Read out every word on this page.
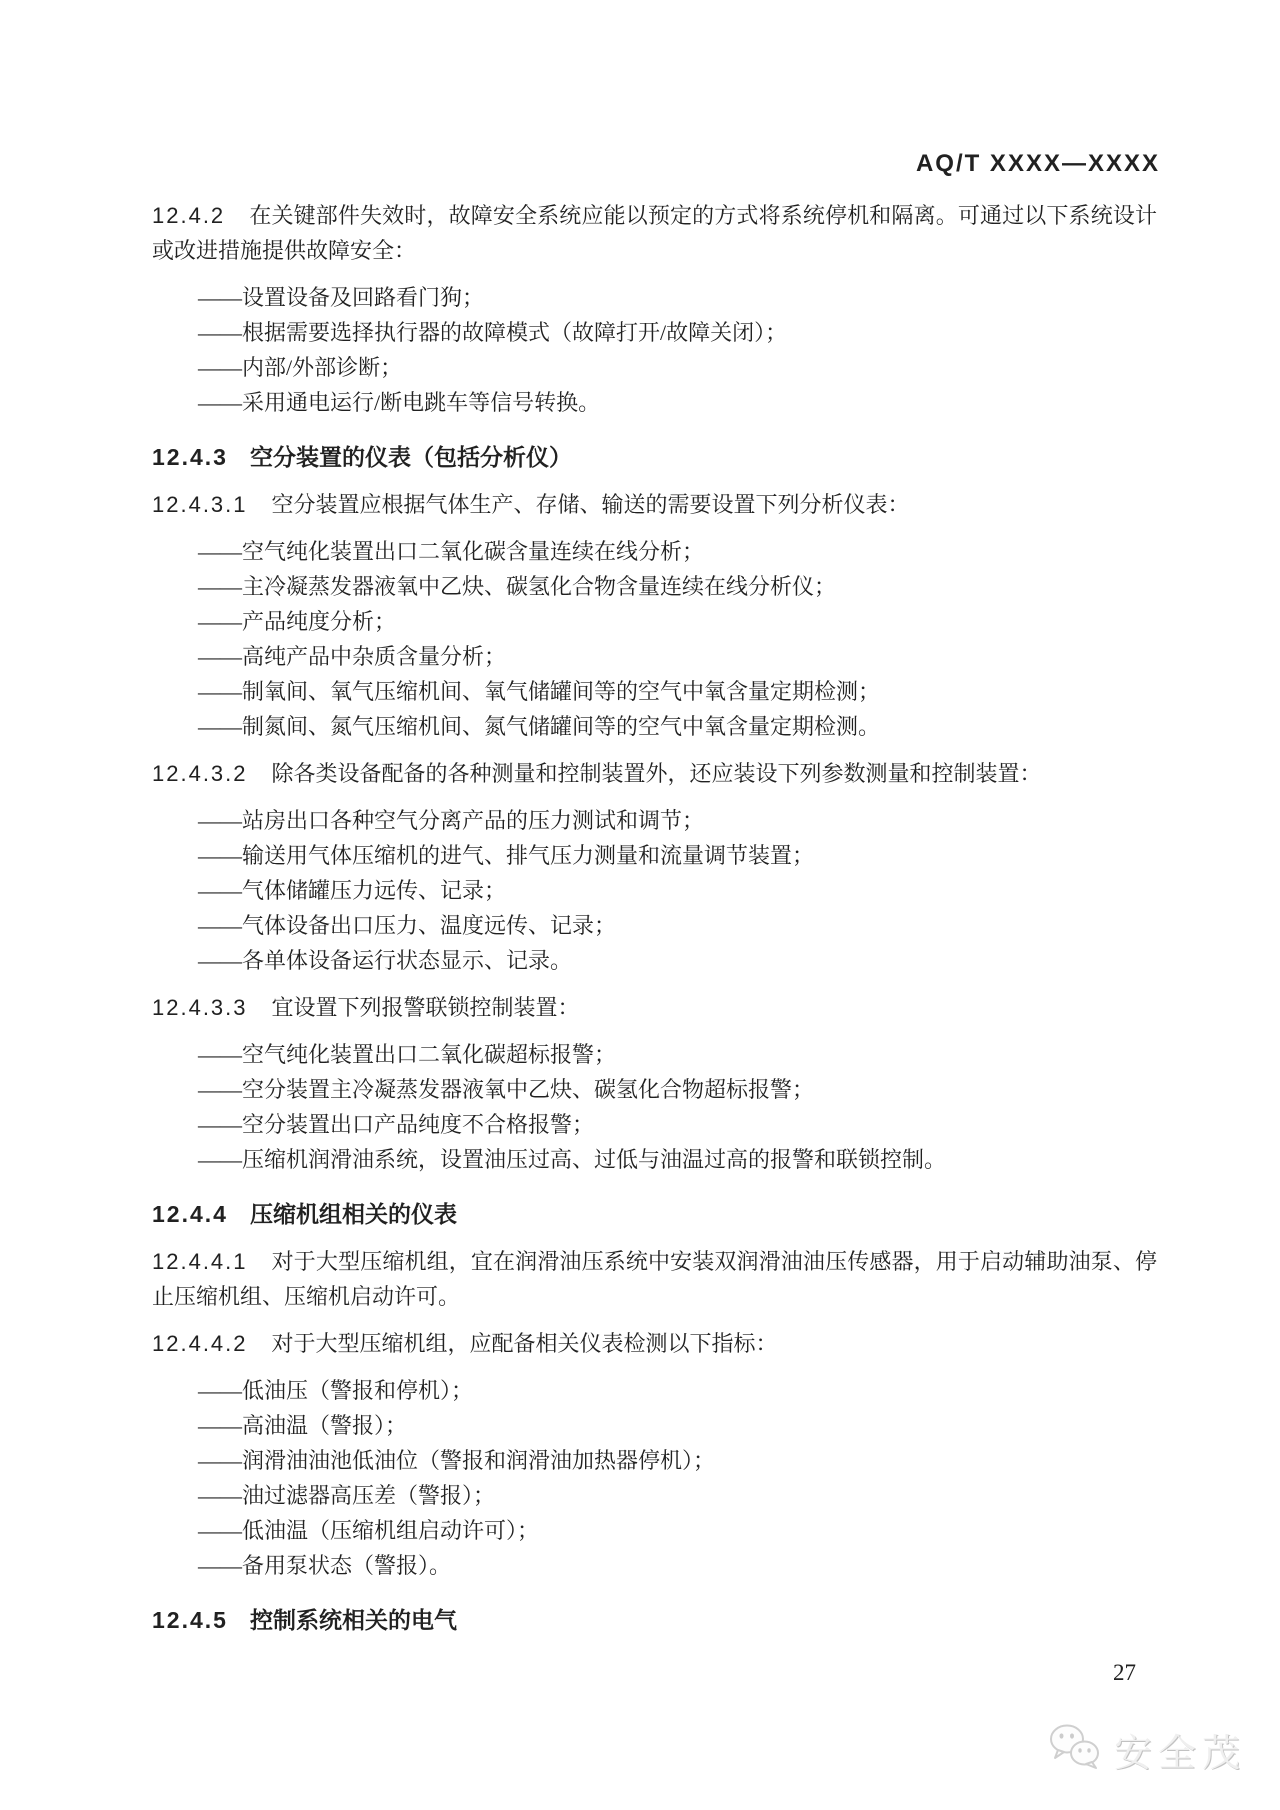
AQ/T XXXX—XXXX
12.4.2 在关键部件失效时，故障安全系统应能以预定的方式将系统停机和隔离。可通过以下系统设计或改进措施提供故障安全：
——设置设备及回路看门狗；
——根据需要选择执行器的故障模式（故障打开/故障关闭）；
——内部/外部诊断；
——采用通电运行/断电跳车等信号转换。
12.4.3 空分装置的仪表（包括分析仪）
12.4.3.1 空分装置应根据气体生产、存储、输送的需要设置下列分析仪表：
——空气纯化装置出口二氧化碳含量连续在线分析；
——主冷凝蒸发器液氧中乙炔、碳氢化合物含量连续在线分析仪；
——产品纯度分析；
——高纯产品中杂质含量分析；
——制氧间、氧气压缩机间、氧气储罐间等的空气中氧含量定期检测；
——制氮间、氮气压缩机间、氮气储罐间等的空气中氧含量定期检测。
12.4.3.2 除各类设备配备的各种测量和控制装置外，还应装设下列参数测量和控制装置：
——站房出口各种空气分离产品的压力测试和调节；
——输送用气体压缩机的进气、排气压力测量和流量调节装置；
——气体储罐压力远传、记录；
——气体设备出口压力、温度远传、记录；
——各单体设备运行状态显示、记录。
12.4.3.3 宜设置下列报警联锁控制装置：
——空气纯化装置出口二氧化碳超标报警；
——空分装置主冷凝蒸发器液氧中乙炔、碳氢化合物超标报警；
——空分装置出口产品纯度不合格报警；
——压缩机润滑油系统，设置油压过高、过低与油温过高的报警和联锁控制。
12.4.4 压缩机组相关的仪表
12.4.4.1 对于大型压缩机组，宜在润滑油压系统中安装双润滑油油压传感器，用于启动辅助油泵、停止压缩机组、压缩机启动许可。
12.4.4.2 对于大型压缩机组，应配备相关仪表检测以下指标：
——低油压（警报和停机）；
——高油温（警报）；
——润滑油油池低油位（警报和润滑油加热器停机）；
——油过滤器高压差（警报）；
——低油温（压缩机组启动许可）；
——备用泵状态（警报）。
12.4.5 控制系统相关的电气
27
安全茂
